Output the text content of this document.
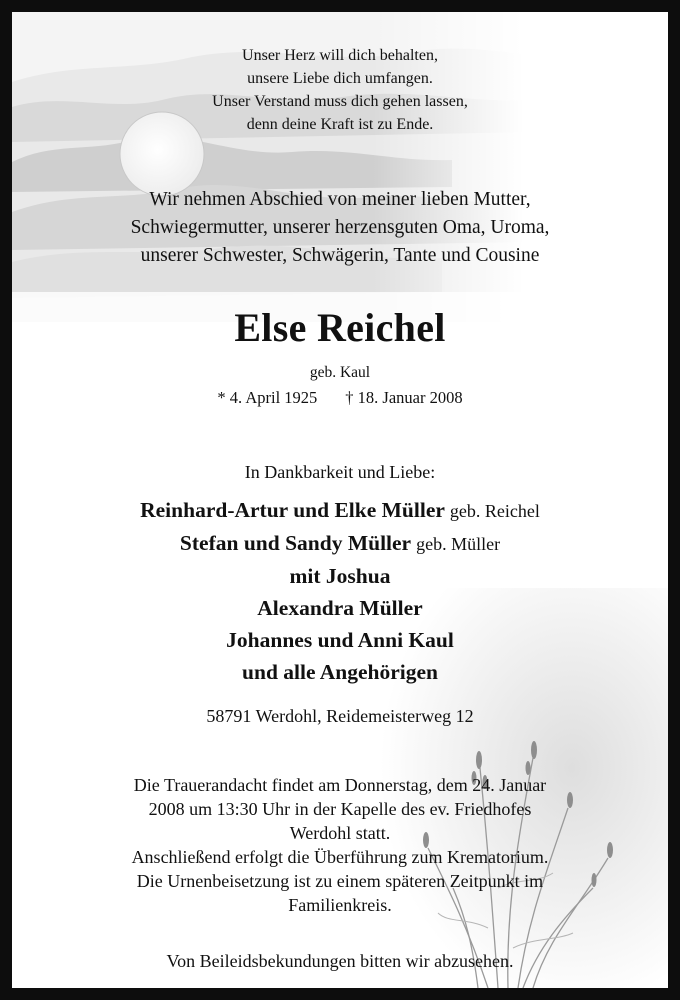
Unser Herz will dich behalten,
unsere Liebe dich umfangen.
Unser Verstand muss dich gehen lassen,
denn deine Kraft ist zu Ende.
Wir nehmen Abschied von meiner lieben Mutter,
Schwiegermutter, unserer herzensguten Oma, Uroma,
unserer Schwester, Schwägerin, Tante und Cousine
Else Reichel
geb. Kaul
* 4. April 1925 † 18. Januar 2008
In Dankbarkeit und Liebe:
Reinhard-Artur und Elke Müller geb. Reichel
Stefan und Sandy Müller geb. Müller
mit Joshua
Alexandra Müller
Johannes und Anni Kaul
und alle Angehörigen
58791 Werdohl, Reidemeisterweg 12
Die Trauerandacht findet am Donnerstag, dem 24. Januar
2008 um 13:30 Uhr in der Kapelle des ev. Friedhofes
Werdohl statt.
Anschließend erfolgt die Überführung zum Krematorium.
Die Urnenbeisetzung ist zu einem späteren Zeitpunkt im
Familienkreis.
Von Beileidsbekundungen bitten wir abzusehen.
